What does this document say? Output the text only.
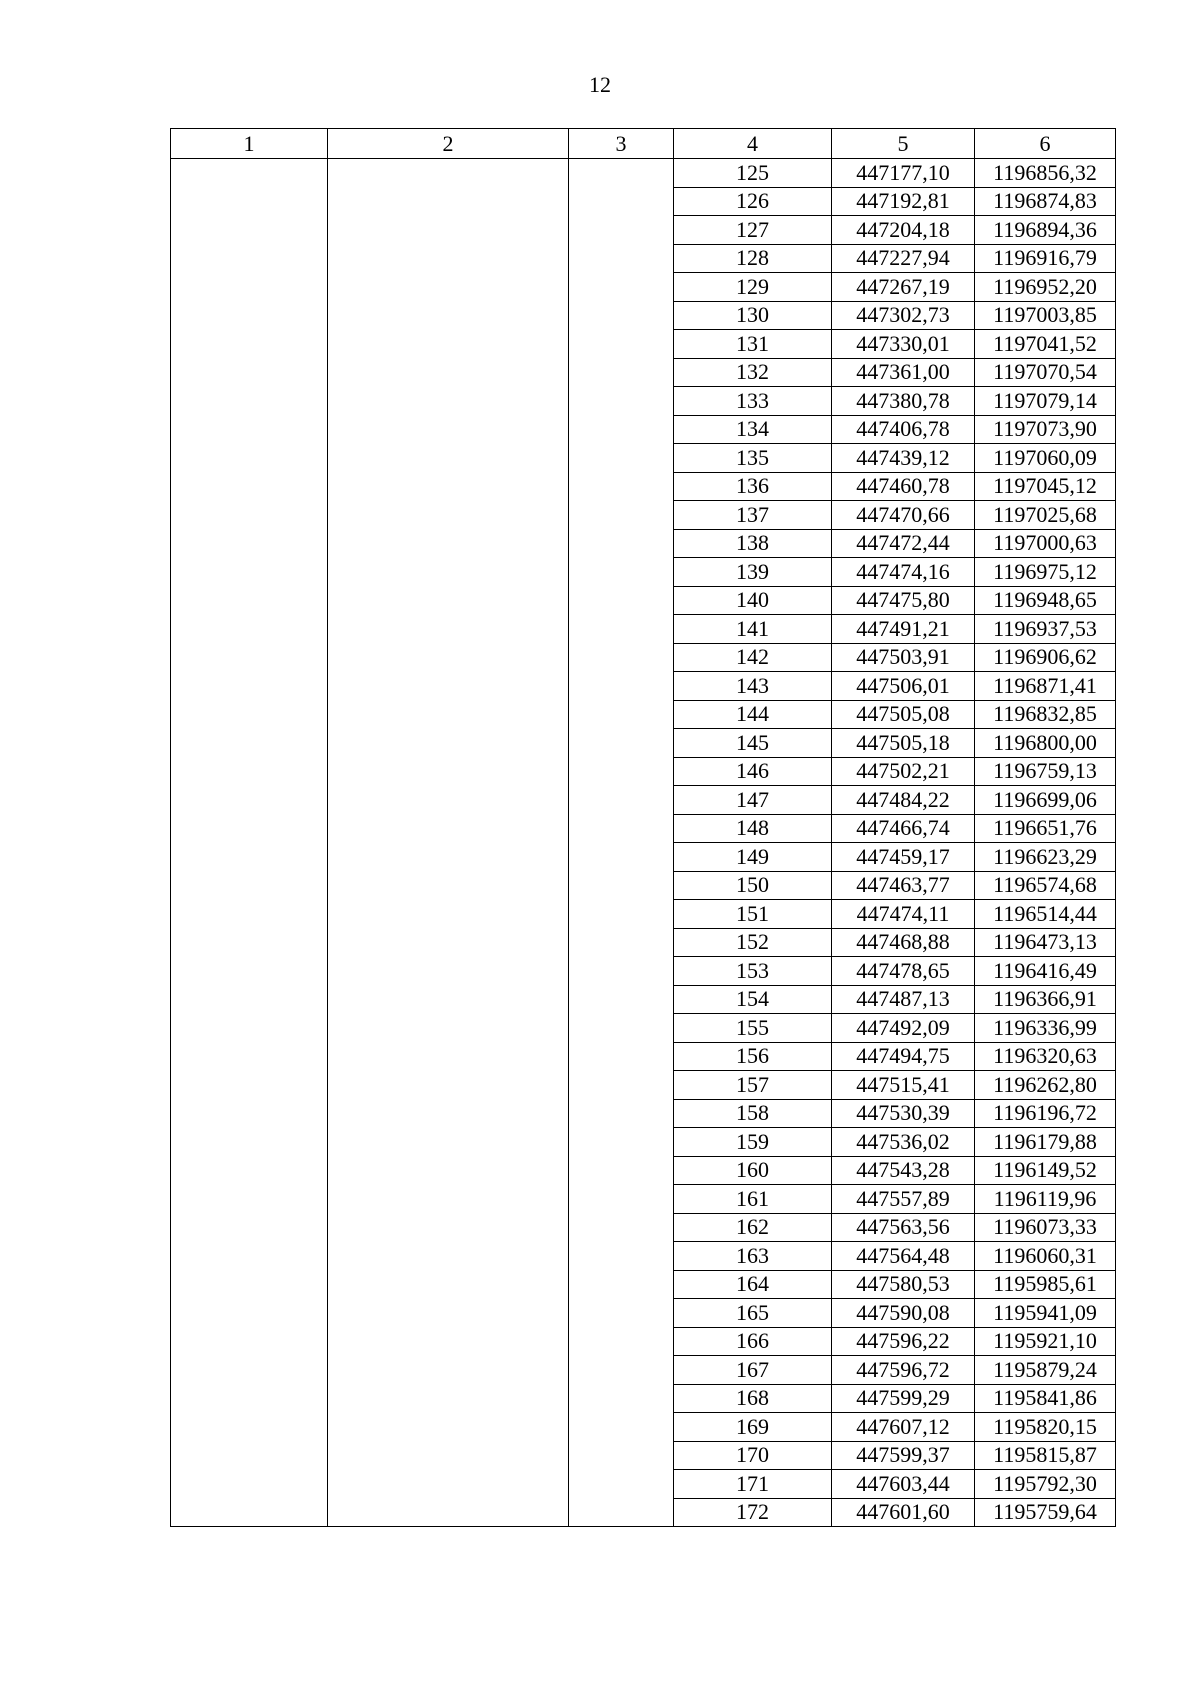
12
1	2	3	4	5	6
			125	447177,10	1196856,32
			126	447192,81	1196874,83
			127	447204,18	1196894,36
			128	447227,94	1196916,79
			129	447267,19	1196952,20
			130	447302,73	1197003,85
			131	447330,01	1197041,52
			132	447361,00	1197070,54
			133	447380,78	1197079,14
			134	447406,78	1197073,90
			135	447439,12	1197060,09
			136	447460,78	1197045,12
			137	447470,66	1197025,68
			138	447472,44	1197000,63
			139	447474,16	1196975,12
			140	447475,80	1196948,65
			141	447491,21	1196937,53
			142	447503,91	1196906,62
			143	447506,01	1196871,41
			144	447505,08	1196832,85
			145	447505,18	1196800,00
			146	447502,21	1196759,13
			147	447484,22	1196699,06
			148	447466,74	1196651,76
			149	447459,17	1196623,29
			150	447463,77	1196574,68
			151	447474,11	1196514,44
			152	447468,88	1196473,13
			153	447478,65	1196416,49
			154	447487,13	1196366,91
			155	447492,09	1196336,99
			156	447494,75	1196320,63
			157	447515,41	1196262,80
			158	447530,39	1196196,72
			159	447536,02	1196179,88
			160	447543,28	1196149,52
			161	447557,89	1196119,96
			162	447563,56	1196073,33
			163	447564,48	1196060,31
			164	447580,53	1195985,61
			165	447590,08	1195941,09
			166	447596,22	1195921,10
			167	447596,72	1195879,24
			168	447599,29	1195841,86
			169	447607,12	1195820,15
			170	447599,37	1195815,87
			171	447603,44	1195792,30
			172	447601,60	1195759,64
